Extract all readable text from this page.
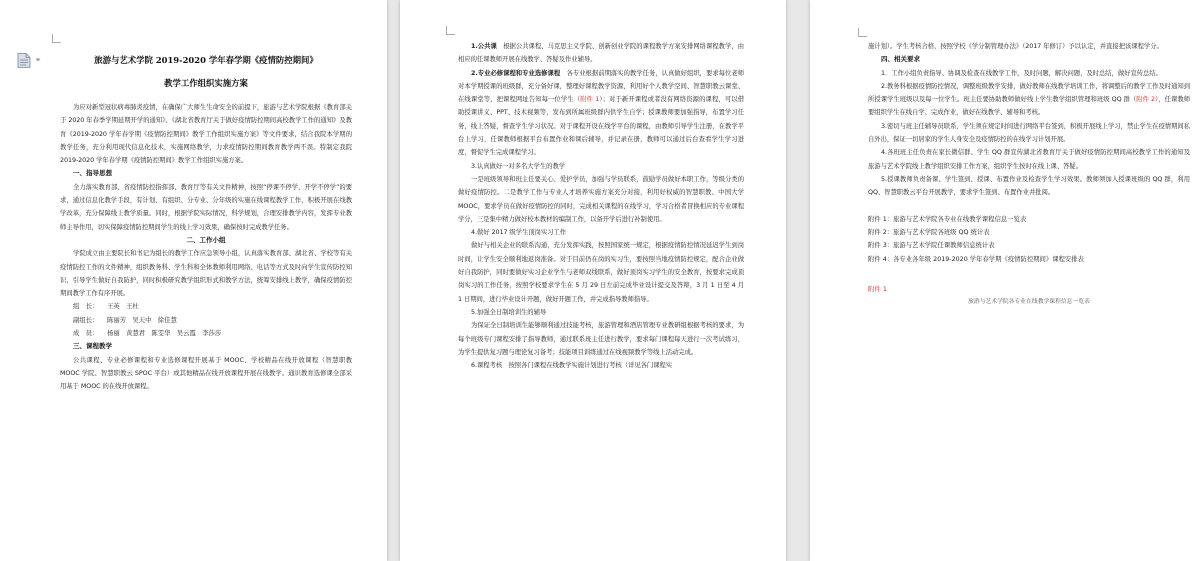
旅游与艺术学院 2019-2020 学年春学期《疫情防控期间》
教学工作组织实施方案

为应对新型冠状病毒肺炎疫情，在确保广大师生生命安全的前提下，旅游与艺术学院根据《教育部关于 2020 年春季学期延期开学的通知》、《湖北省教育厅关于做好疫情防控期间高校教学工作的通知》及教育《2019-2020 学年春学期《疫情防控期间》教学工作组织实施方案》等文件要求，结合我院本学期的教学任务，充分利用现代信息化技术，实施网络教学，力求疫情防控期间教育教学两不误。特制定我院 2019-2020 学年春学期《疫情防控期间》教学工作组织实施方案。

一、指导思想

全力落实教育部、省疫情防控指挥部、教育厅等有关文件精神，按照“停课不停学，开学不停学”的要求，通过信息化教学手段，有计划、有组织、分专业、分年级的实施在线课程教学工作，积极开展在线教学改革，充分保障线上教学质量。同时，根据学院实际情况，科学规划，合理安排教学内容，发挥专业教师主导作用，切实保障疫情防控期间学生的线上学习效果，确保按时完成教学任务。

二、工作小组

学院成立由主要院长和书记为组长的教学工作应急领导小组，认真落实教育部、湖北省、学校等有关疫情防控工作的文件精神，组织教务科、学生科和全体教师利用网络、电话等方式及时向学生宣传防控知识，引导学生做好自我防护，同时积极研究教学组织形式和教学方法，统筹安排线上教学，确保疫情防控期间教学工作有序开展。

组　长： 王英　王杜
副组长： 陈丽芳　吴天中　徐佳慧
成　员： 杨丽　黄慧君　陈雯华　吴云霞　李莎莎
三、课程教学

公共课程、专业必修课程和专业选修课程开展基于 MOOC、学校精品在线开放课程（智慧职教 MOOC 学院、智慧职教云 SPOC 平台）或其他精品在线开放课程开展在线教学。通识教育选修课全部采用基于 MOOC 的在线开放课程。

1.公共课　 根据公共课程、马克思主义学院、创新创业学院的课程教学方案安排网络课程教学，由相应的任课教师开展在线教学、答疑及作业辅导。

2.专业必修课程和专业选修课程　 各专业根据前期落实的教学任务，认真做好组织，要求每位老师对本学期授课的班级群，充分备好课，整理好课程教学资源，利用好个人教学空间、智慧职教云课堂、在线课堂等，把课程网址告知每一位学生（附件 1）；对于新开课程或者没有网络资源的课程，可以借助授课讲义、PPT、技术视频等，发布到所属班级群内供学生自学；授课教师要加强指导，布置学习任务，线上答疑，督查学生学习状况。对于课程开设在线学平台的课程，由教师引导学生注册，在教学平台上学习，任课教师根据平台布置作业和课后辅导，并记录在册，教师可以通过后台查看学生学习进度，督促学生完成课程学习。

3.认真做好一对多名大学生的教学

一是班级领导和班主任要关心、爱护学员，加强与学员联系，鼓励学员做好本职工作，等级分类的做好疫情防控。二是教学工作与专业人才培养实施方案充分对接，利用好权威的智慧职教、中国大学 MOOC，要求学员在做好疫情防控的同时，完成相关课程的在线学习，学习合格者冒换相应的专业课程学分，三是集中精力做好校本教材的编制工作，以备开学后进行补制使用。

4.做好 2017 级学生顶岗实习工作

做好与相关企业的联系沟通，充分发挥实践，按照国家统一规定，根据疫情防控情况延迟学生到岗时间，让学生安全顺利地返岗准备。对于目前仍在岗的实习生，要按照当地疫情防控规定，配合企业做好自我防护，同时要做好实习企业学生与老师双线联系，做好顶岗实习学生的安全教育，按要求完成顶岗实习的工作任务，按照学校要求学生在 5 月 29 日左前完成毕业设计提交及答辩，3 月 1 日至 4 月 1 日期间，进行毕业设计开题，做好开题工作，并完成指导教师指导。

5.加强全日制培训生的辅导

为保证全日制培训生能够顺利通过技能考核，旅游管理和酒店管理专业教研组根据考核的要求，为每个班级专门课程安排了指导教师，通过联系班主任进行教学，要求每门课程每天进行一次考试练习，为学生提供复习题与理论复习备考；技能项目训练通过在线视频教学等线上活动完成。

6.课程考核　 按照各门课程在线教学实施计划进行考核（详见各门课程实

施计划）。学生考核合格，按照学校《学分制管理办法》（2017 年修订）予以认定，并直接把该课程学分。

四、相关要求

1．工作小组负责指导、协调及检查在线教学工作，及时问题，解决问题，及时总结，做好宣传总结。

2.教务科根据疫情防控情况，调整班级教学安排，做好教师在线教学培训工作，将调整后的教学工作及时通知到所授课学生班级以及每一位学生。班主任要协助教师做好线上学生教学组织管理和班级 QQ 群（附件 2），任课教师要组织学生在线自学、完成作业，做好在线教学、辅导和考核。

3.密切与班主任辅导员联系，学生须在规定时间进行网络平台签到，积极开展线上学习，禁止学生在疫情期间私自外出，保证一切居家的学生人身安全及疫情防控的在线学习计划开展。

4.各班班主任负责在家长微信群、学生 QQ 群宣传湖北省教育厅关于做好疫情防控期间高校教学工作的通知及旅游与艺术学院线上教学组织安排工作方案，组织学生按时在线上课、答疑。

5.授课教师负责备课、学生签到、授课、布置作业及检查学生学习效果。教师须加入授课班级的 QQ 群，利用 QQ、智慧职教云平台开展教学，要求学生签到、布置作业并批阅。

附件 1：旅游与艺术学院各专业在线教学课程信息一览表
附件 2：旅游与艺术学院各班级 QQ 统计表
附件 3：旅游与艺术学院任课教师信息统计表
附件 4：各专业各年级 2019-2020 学年春学期《疫情防控期间》课程安排表
附件 1
旅游与艺术学院各专业在线教学课程信息一览表
